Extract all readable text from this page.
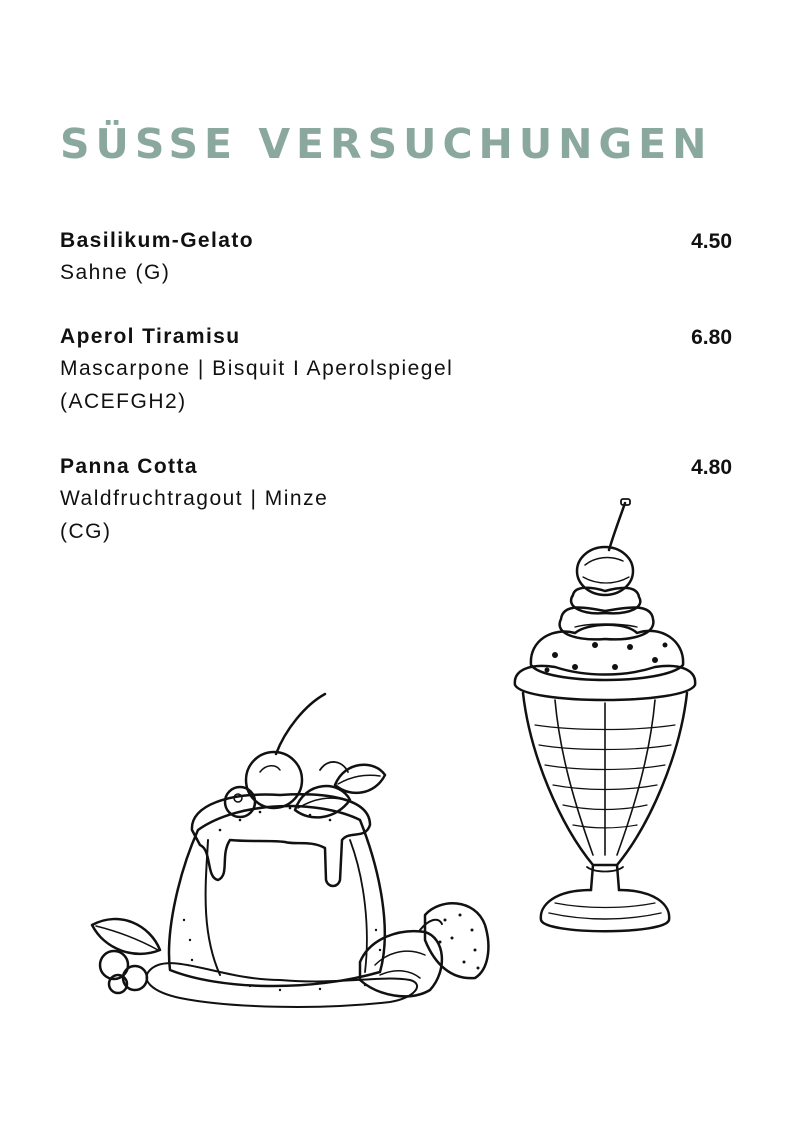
SÜSSE VERSUCHUNGEN
Basilikum-Gelato	4.50
Sahne (G)
Aperol Tiramisu	6.80
Mascarpone | Bisquit I Aperolspiegel
(ACEFGH2)
Panna Cotta	4.80
Waldfruchtragout | Minze
(CG)
